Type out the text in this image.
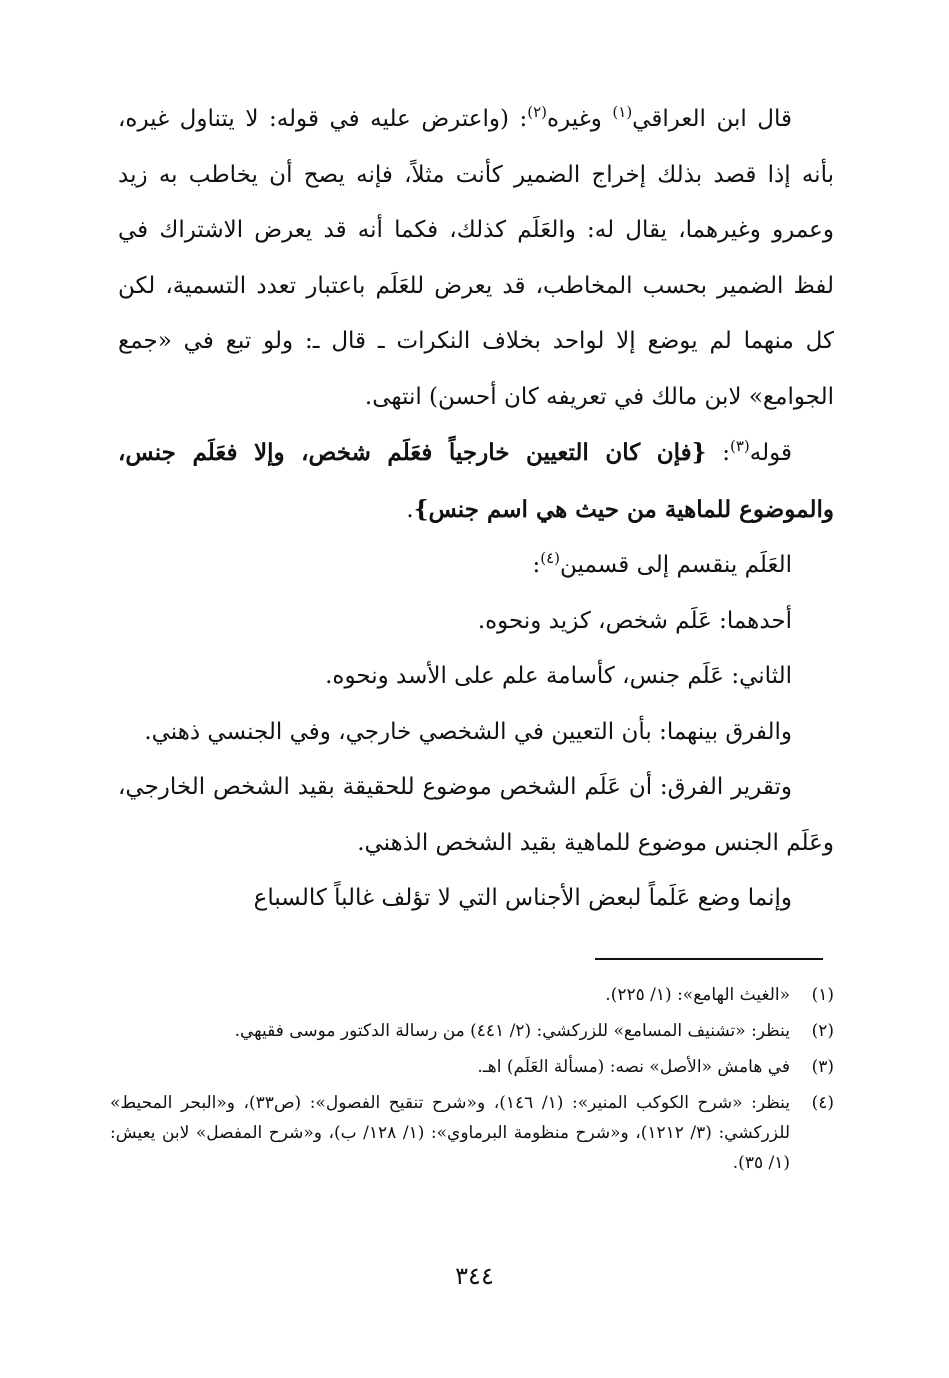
قال ابن العراقي$^{(١)}$ وغيره$^{(٢)}$: (واعترض عليه في قوله: لا يتناول غيره، بأنه إذا قصد بذلك إخراج الضمير كأنت مثلاً، فإنه يصح أن يخاطب به زيد وعمرو وغيرهما، يقال له: والعَلَم كذلك، فكما أنه قد يعرض الاشتراك في لفظ الضمير بحسب المخاطب، قد يعرض للعَلَم باعتبار تعدد التسمية، لكن كل منهما لم يوضع إلا لواحد بخلاف النكرات ـ قال ـ: ولو تبع في «جمع الجوامع» لابن مالك في تعريفه كان أحسن) انتهى.

قوله$^{(٣)}$: {فإن كان التعيين خارجياً فعَلَم شخص، وإلا فعَلَم جنس، والموضوع للماهية من حيث هي اسم جنس}.

العَلَم ينقسم إلى قسمين$^{(٤)}$:

أحدهما: عَلَم شخص، كزيد ونحوه.

الثاني: عَلَم جنس، كأسامة علم على الأسد ونحوه.

والفرق بينهما: بأن التعيين في الشخصي خارجي، وفي الجنسي ذهني.

وتقرير الفرق: أن عَلَم الشخص موضوع للحقيقة بقيد الشخص الخارجي، وعَلَم الجنس موضوع للماهية بقيد الشخص الذهني.

وإنما وضع عَلَماً لبعض الأجناس التي لا تؤلف غالباً كالسباع

(١)
«الغيث الهامع»: (١/ ٢٢٥).
(٢)
ينظر: «تشنيف المسامع» للزركشي: (٢/ ٤٤١) من رسالة الدكتور موسى فقيهي.
(٣)
في هامش «الأصل» نصه: (مسألة العَلَم) اهـ.
(٤)
ينظر: «شرح الكوكب المنير»: (١/ ١٤٦)، و«شرح تنقيح الفصول»: (ص٣٣)، و«البحر المحيط» للزركشي: (٣/ ١٢١٢)، و«شرح منظومة البرماوي»: (١/ ١٢٨/ ب)، و«شرح المفصل» لابن يعيش: (١/ ٣٥).
٣٤٤
